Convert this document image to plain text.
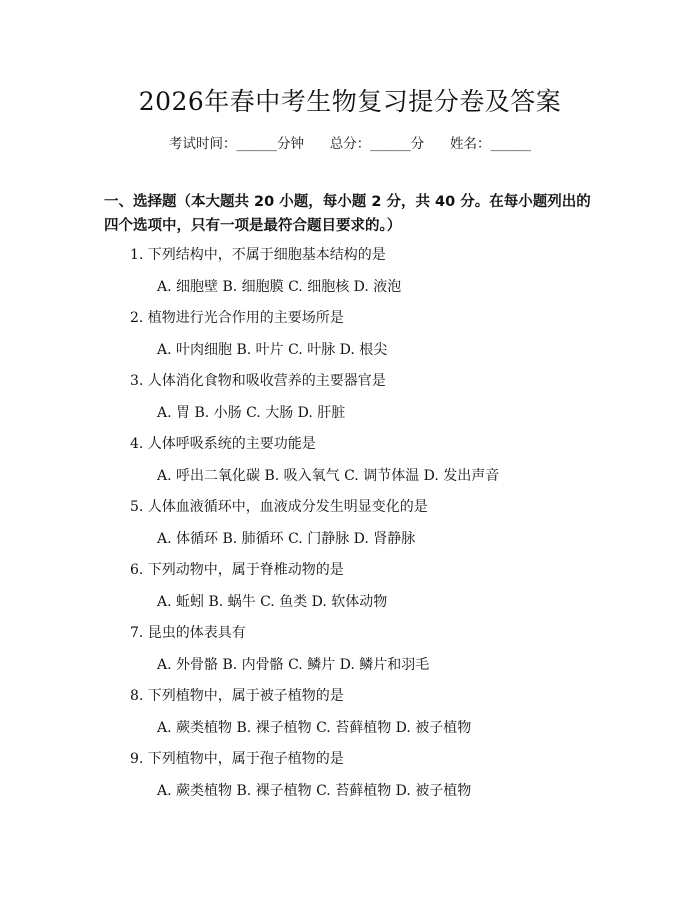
2026年春中考生物复习提分卷及答案
考试时间：______分钟      总分：______分      姓名：______
一、选择题（本大题共 20 小题，每小题 2 分，共 40 分。在每小题列出的四个选项中，只有一项是最符合题目要求的。）
1. 下列结构中，不属于细胞基本结构的是
A. 细胞壁 B. 细胞膜 C. 细胞核 D. 液泡
2. 植物进行光合作用的主要场所是
A. 叶肉细胞 B. 叶片 C. 叶脉 D. 根尖
3. 人体消化食物和吸收营养的主要器官是
A. 胃 B. 小肠 C. 大肠 D. 肝脏
4. 人体呼吸系统的主要功能是
A. 呼出二氧化碳 B. 吸入氧气 C. 调节体温 D. 发出声音
5. 人体血液循环中，血液成分发生明显变化的是
A. 体循环 B. 肺循环 C. 门静脉 D. 肾静脉
6. 下列动物中，属于脊椎动物的是
A. 蚯蚓 B. 蜗牛 C. 鱼类 D. 软体动物
7. 昆虫的体表具有
A. 外骨骼 B. 内骨骼 C. 鳞片 D. 鳞片和羽毛
8. 下列植物中，属于被子植物的是
A. 蕨类植物 B. 裸子植物 C. 苔藓植物 D. 被子植物
9. 下列植物中，属于孢子植物的是
A. 蕨类植物 B. 裸子植物 C. 苔藓植物 D. 被子植物
